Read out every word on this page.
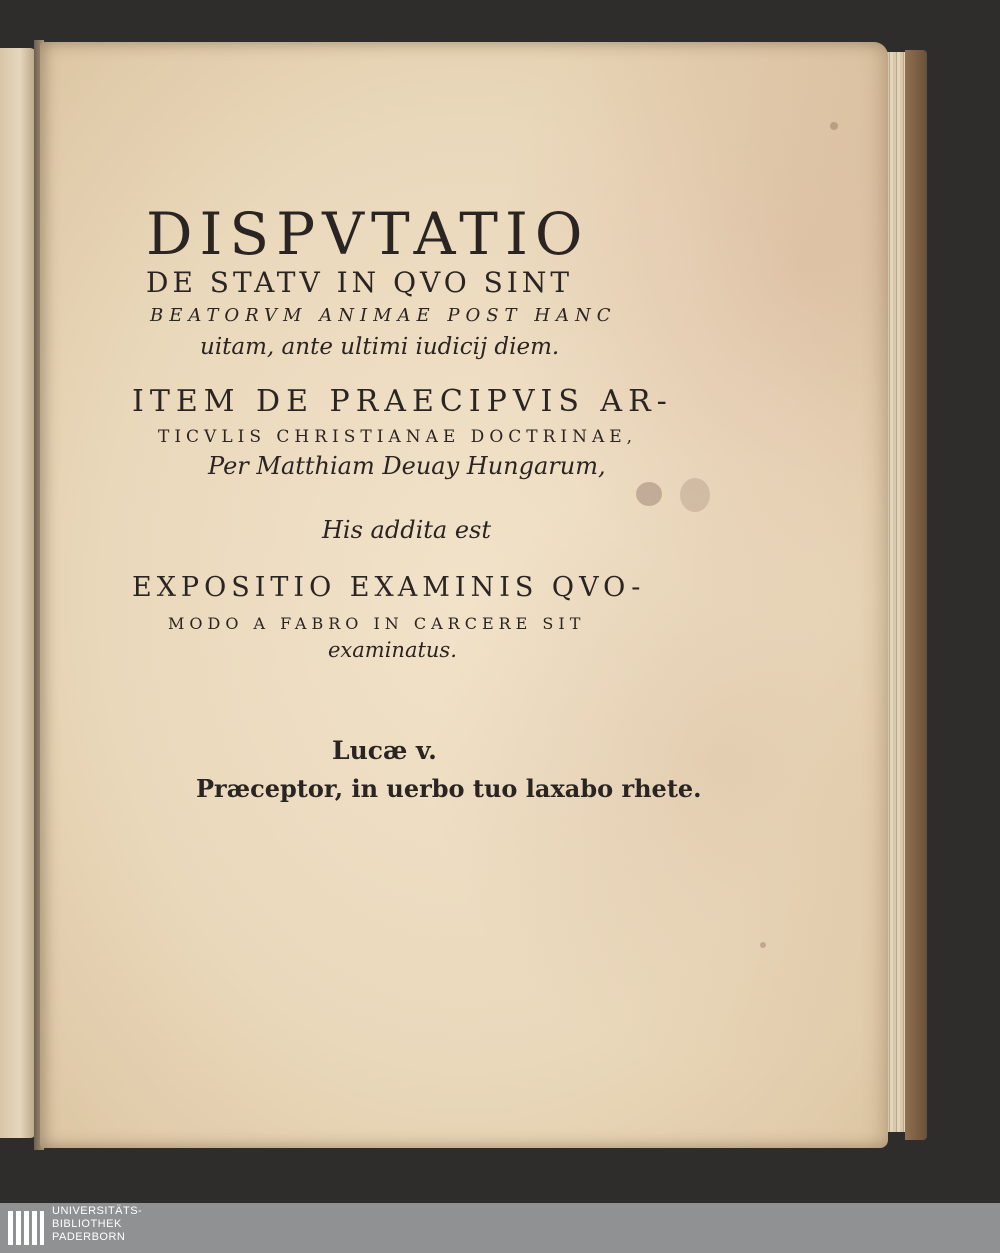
DISPVTATIO
DE STATV IN QVO SINT
BEATORVM ANIMAE POST HANC
uitam, ante ultimi iudicij diem.
ITEM DE PRAECIPVIS AR-
TICVLIS CHRISTIANAE DOCTRINAE,
Per Matthiam Deuay Hungarum,
His addita est
EXPOSITIO EXAMINIS QVO-
MODO A FABRO IN CARCERE SIT
examinatus.
Lucæ v.
Præceptor, in uerbo tuo laxabo rhete.
UNIVERSITÄTS-
BIBLIOTHEK
PADERBORN
